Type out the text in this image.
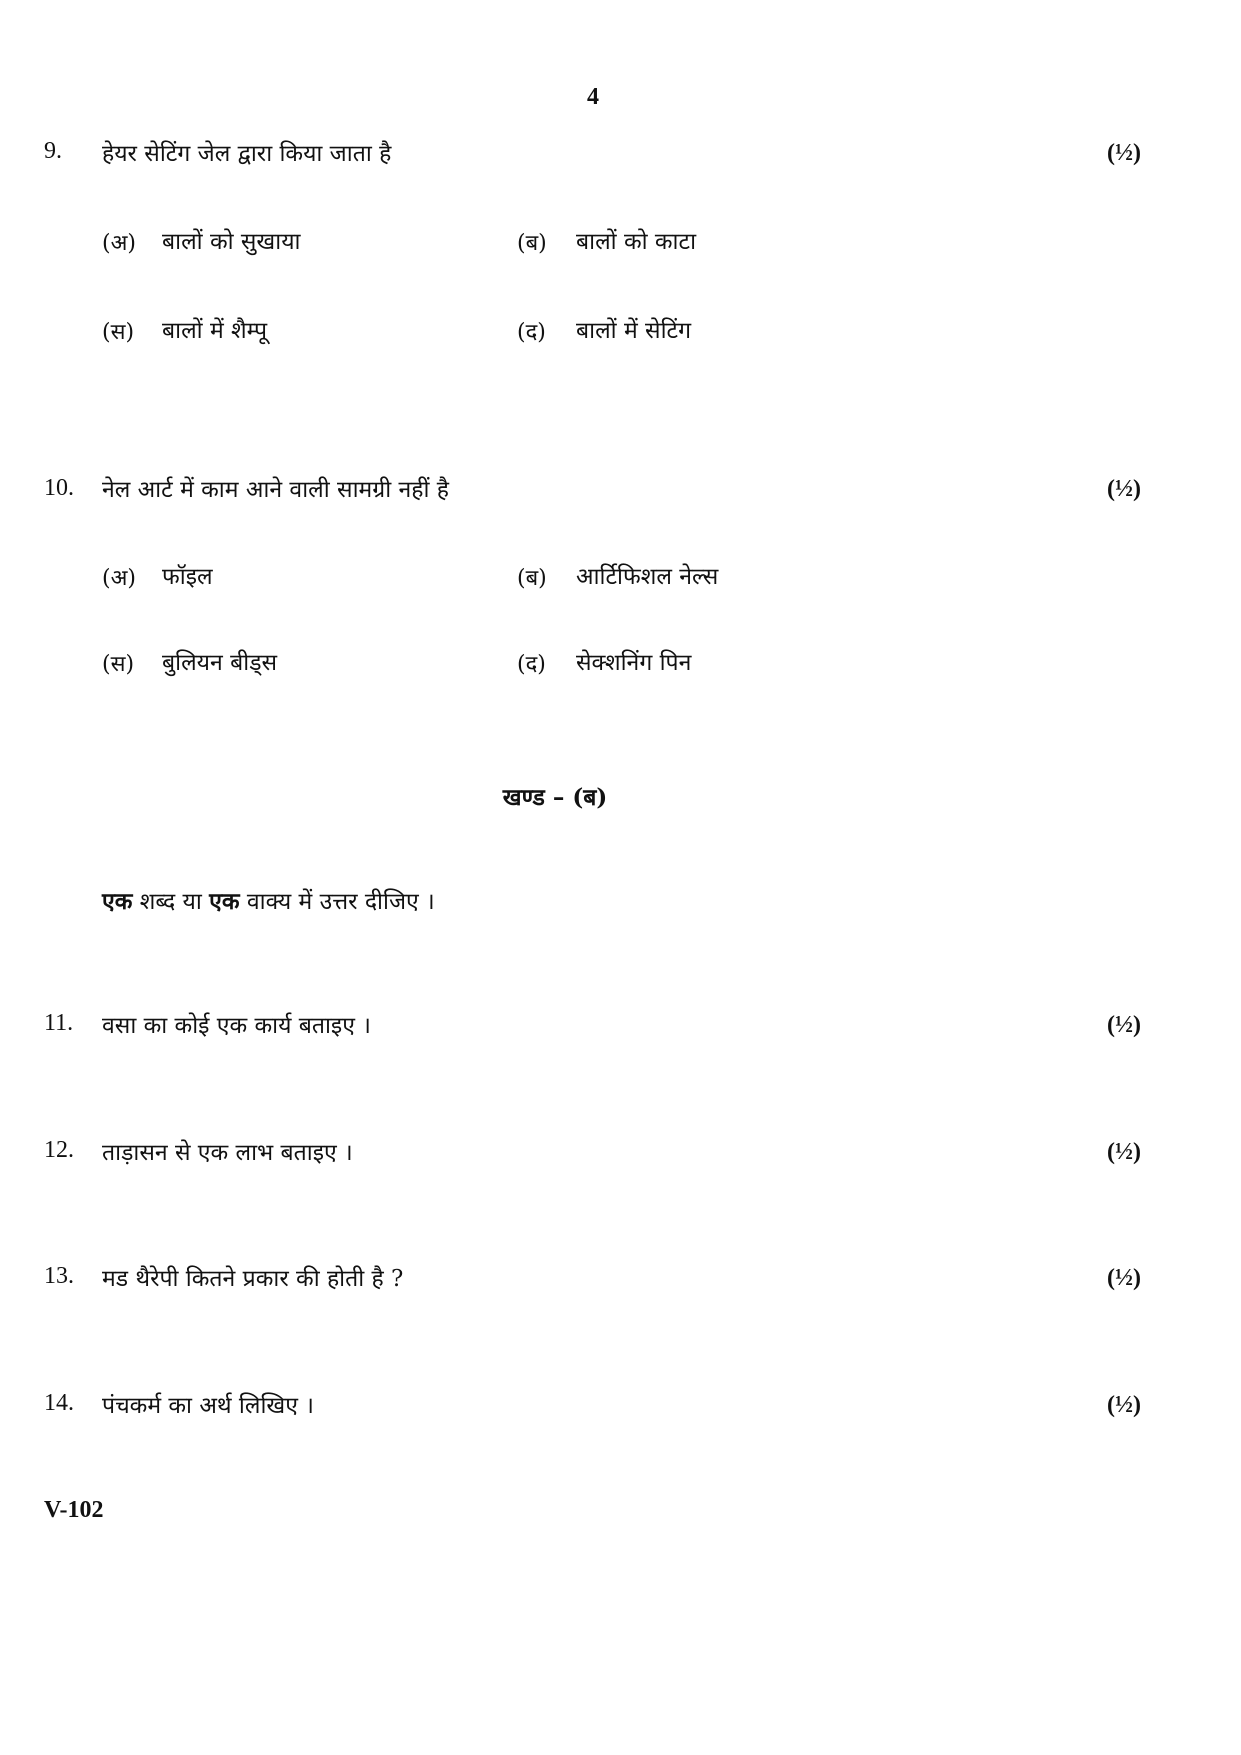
4
9. हेयर सेटिंग जेल द्वारा किया जाता है	(½)
(अ) बालों को सुखाया	(ब) बालों को काटा
(स) बालों में शैम्पू	(द) बालों में सेटिंग
10. नेल आर्ट में काम आने वाली सामग्री नहीं है	(½)
(अ) फॉइल	(ब) आर्टिफिशल नेल्स
(स) बुलियन बीड्स	(द) सेक्शनिंग पिन
खण्ड – (ब)
एक शब्द या एक वाक्य में उत्तर दीजिए ।
11. वसा का कोई एक कार्य बताइए ।	(½)
12. ताड़ासन से एक लाभ बताइए ।	(½)
13. मड थैरेपी कितने प्रकार की होती है ?	(½)
14. पंचकर्म का अर्थ लिखिए ।	(½)
V-102
